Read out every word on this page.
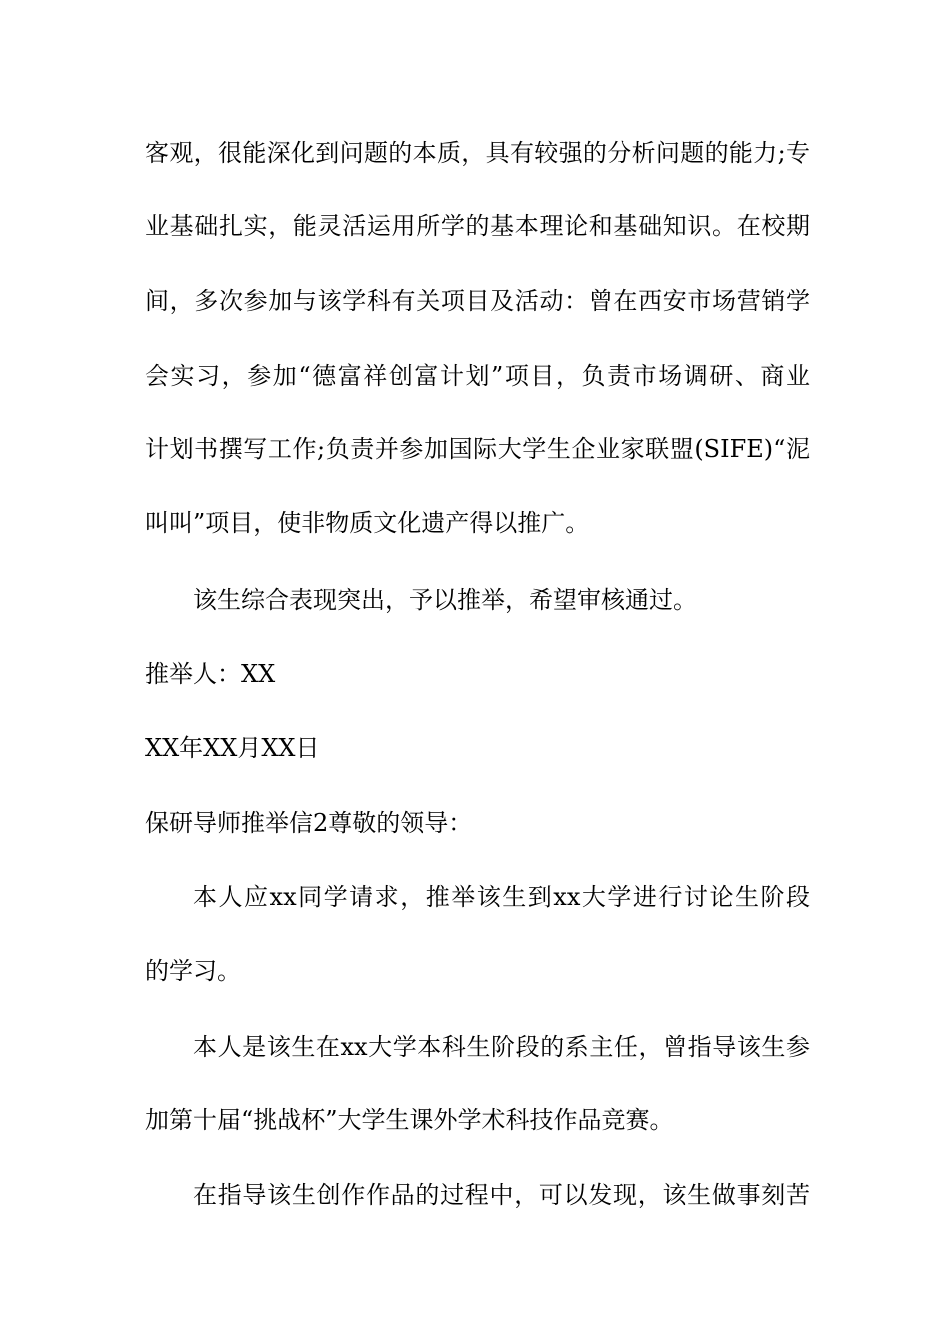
客观，很能深化到问题的本质，具有较强的分析问题的能力;专
业基础扎实，能灵活运用所学的基本理论和基础知识。在校期
间，多次参加与该学科有关项目及活动：曾在西安市场营销学
会实习，参加“德富祥创富计划”项目，负责市场调研、商业
计划书撰写工作;负责并参加国际大学生企业家联盟(SIFE)“泥
叫叫”项目，使非物质文化遗产得以推广。
该生综合表现突出，予以推举，希望审核通过。
推举人：XX
XX年XX月XX日
保研导师推举信2尊敬的领导：
本人应xx同学请求，推举该生到xx大学进行讨论生阶段
的学习。
本人是该生在xx大学本科生阶段的系主任，曾指导该生参
加第十届“挑战杯”大学生课外学术科技作品竞赛。
在指导该生创作作品的过程中，可以发现，该生做事刻苦
